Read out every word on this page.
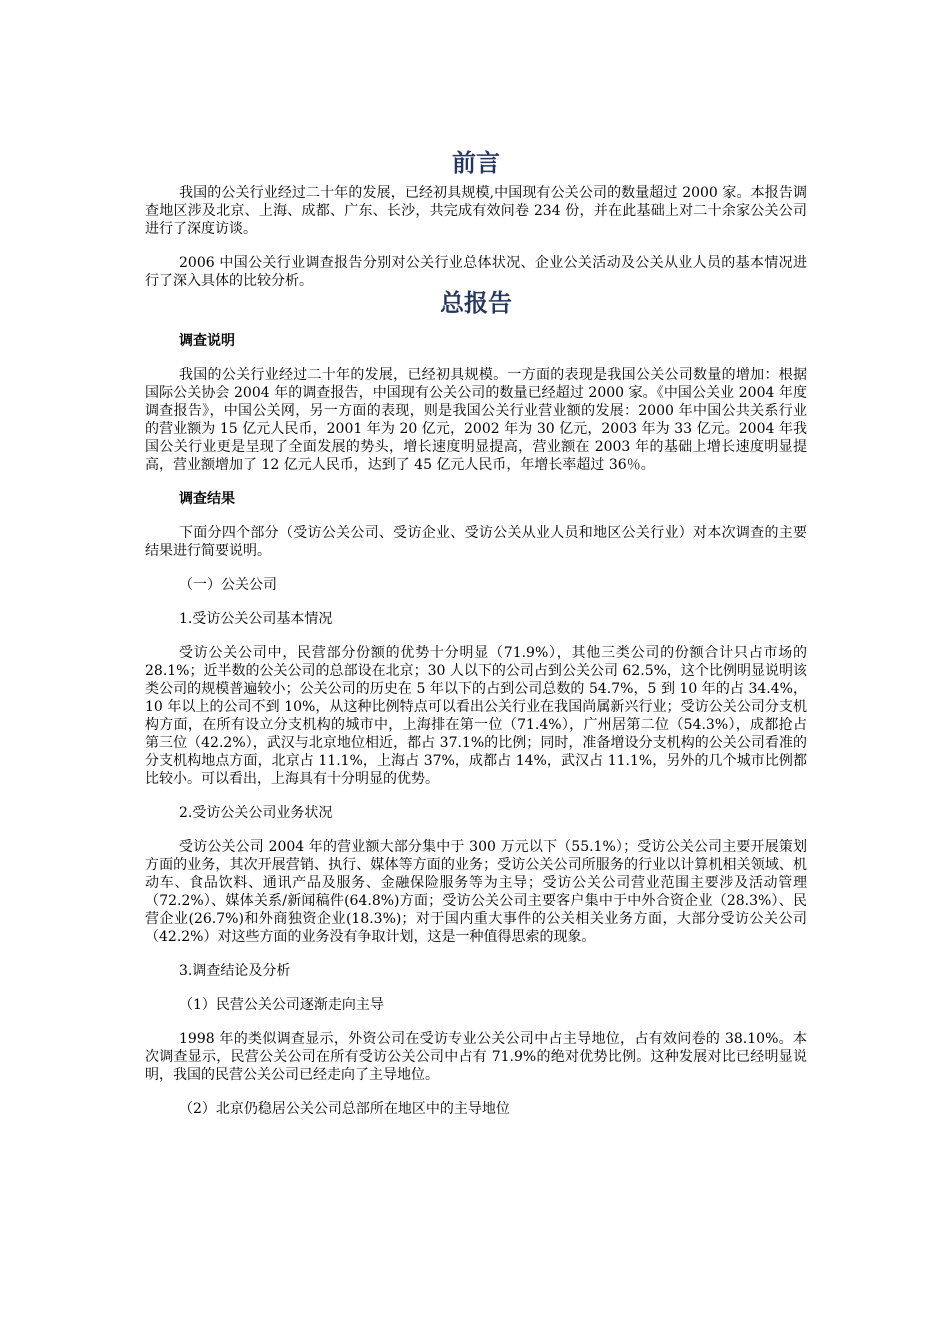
前言

我国的公关行业经过二十年的发展，已经初具规模,中国现有公关公司的数量超过 2000 家。本报告调查地区涉及北京、上海、成都、广东、长沙，共完成有效问卷 234 份，并在此基础上对二十余家公关公司进行了深度访谈。

2006 中国公关行业调查报告分别对公关行业总体状况、企业公关活动及公关从业人员的基本情况进行了深入具体的比较分析。

总报告
调查说明

我国的公关行业经过二十年的发展，已经初具规模。一方面的表现是我国公关公司数量的增加：根据国际公关协会 2004 年的调查报告，中国现有公关公司的数量已经超过 2000 家。《中国公关业 2004 年度调查报告》，中国公关网，另一方面的表现，则是我国公关行业营业额的发展：2000 年中国公共关系行业的营业额为 15 亿元人民币，2001 年为 20 亿元，2002 年为 30 亿元，2003 年为 33 亿元。2004 年我国公关行业更是呈现了全面发展的势头，增长速度明显提高，营业额在 2003 年的基础上增长速度明显提高，营业额增加了 12 亿元人民币，达到了 45 亿元人民币，年增长率超过 36％。

调查结果

下面分四个部分（受访公关公司、受访企业、受访公关从业人员和地区公关行业）对本次调查的主要结果进行简要说明。

（一）公关公司
1.受访公关公司基本情况

受访公关公司中，民营部分份额的优势十分明显（71.9%），其他三类公司的份额合计只占市场的 28.1%；近半数的公关公司的总部设在北京；30 人以下的公司占到公关公司 62.5%，这个比例明显说明该类公司的规模普遍较小；公关公司的历史在 5 年以下的占到公司总数的 54.7%，5 到 10 年的占 34.4%，10 年以上的公司不到 10%，从这种比例特点可以看出公关行业在我国尚属新兴行业；受访公关公司分支机构方面，在所有设立分支机构的城市中，上海排在第一位（71.4%），广州居第二位（54.3%），成都抢占第三位（42.2%），武汉与北京地位相近，都占 37.1%的比例；同时，准备增设分支机构的公关公司看准的分支机构地点方面，北京占 11.1%，上海占 37%，成都占 14%，武汉占 11.1%，另外的几个城市比例都比较小。可以看出，上海具有十分明显的优势。

2.受访公关公司业务状况

受访公关公司 2004 年的营业额大部分集中于 300 万元以下（55.1%）；受访公关公司主要开展策划方面的业务，其次开展营销、执行、媒体等方面的业务；受访公关公司所服务的行业以计算机相关领域、机动车、食品饮料、通讯产品及服务、金融保险服务等为主导；受访公关公司营业范围主要涉及活动管理（72.2%）、媒体关系/新闻稿件(64.8%)方面；受访公关公司主要客户集中于中外合资企业（28.3%）、民营企业(26.7%)和外商独资企业(18.3%)；对于国内重大事件的公关相关业务方面，大部分受访公关公司（42.2%）对这些方面的业务没有争取计划，这是一种值得思索的现象。

3.调查结论及分析
（1）民营公关公司逐渐走向主导

1998 年的类似调查显示，外资公司在受访专业公关公司中占主导地位，占有效问卷的 38.10%。本次调查显示，民营公关公司在所有受访公关公司中占有 71.9%的绝对优势比例。这种发展对比已经明显说明，我国的民营公关公司已经走向了主导地位。

（2）北京仍稳居公关公司总部所在地区中的主导地位
